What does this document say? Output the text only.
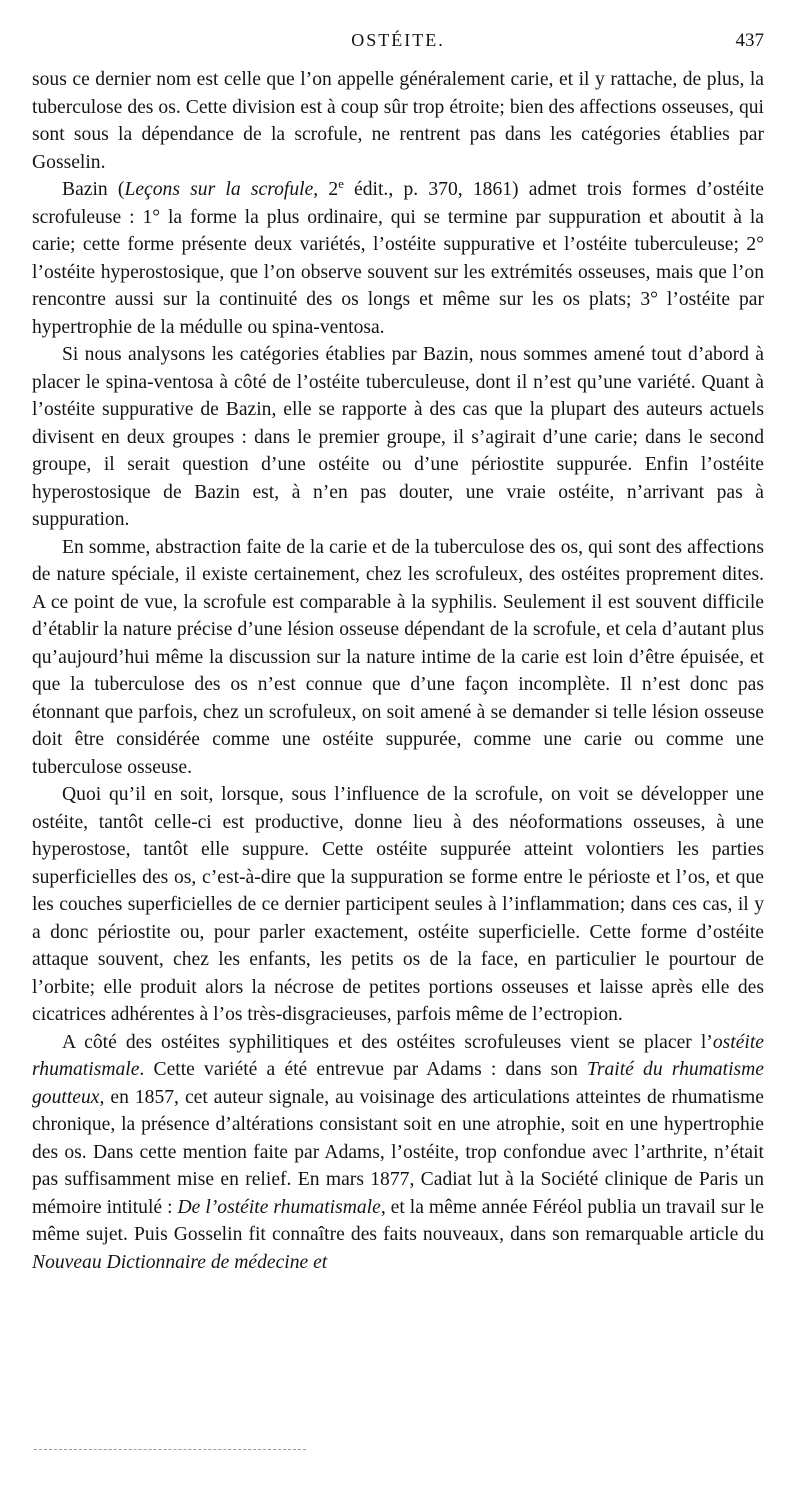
OSTÉITE.	437

sous ce dernier nom est celle que l’on appelle généralement carie, et il y rattache, de plus, la tuberculose des os. Cette division est à coup sûr trop étroite; bien des affections osseuses, qui sont sous la dépendance de la scrofule, ne rentrent pas dans les catégories établies par Gosselin.

Bazin (Leçons sur la scrofule, 2e édit., p. 370, 1861) admet trois formes d’ostéite scrofuleuse : 1° la forme la plus ordinaire, qui se termine par suppuration et aboutit à la carie; cette forme présente deux variétés, l’ostéite suppurative et l’ostéite tuberculeuse; 2° l’ostéite hyperostosique, que l’on observe souvent sur les extrémités osseuses, mais que l’on rencontre aussi sur la continuité des os longs et même sur les os plats; 3° l’ostéite par hypertrophie de la médulle ou spina-ventosa.

Si nous analysons les catégories établies par Bazin, nous sommes amené tout d’abord à placer le spina-ventosa à côté de l’ostéite tuberculeuse, dont il n’est qu’une variété. Quant à l’ostéite suppurative de Bazin, elle se rapporte à des cas que la plupart des auteurs actuels divisent en deux groupes : dans le premier groupe, il s’agirait d’une carie; dans le second groupe, il serait question d’une ostéite ou d’une périostite suppurée. Enfin l’ostéite hyperostosique de Bazin est, à n’en pas douter, une vraie ostéite, n’arrivant pas à suppuration.

En somme, abstraction faite de la carie et de la tuberculose des os, qui sont des affections de nature spéciale, il existe certainement, chez les scrofuleux, des ostéites proprement dites. A ce point de vue, la scrofule est comparable à la syphilis. Seulement il est souvent difficile d’établir la nature précise d’une lésion osseuse dépendant de la scrofule, et cela d’autant plus qu’aujourd’hui même la discussion sur la nature intime de la carie est loin d’être épuisée, et que la tuberculose des os n’est connue que d’une façon incomplète. Il n’est donc pas étonnant que parfois, chez un scrofuleux, on soit amené à se demander si telle lésion osseuse doit être considérée comme une ostéite suppurée, comme une carie ou comme une tuberculose osseuse.

Quoi qu’il en soit, lorsque, sous l’influence de la scrofule, on voit se développer une ostéite, tantôt celle-ci est productive, donne lieu à des néoformations osseuses, à une hyperostose, tantôt elle suppure. Cette ostéite suppurée atteint volontiers les parties superficielles des os, c’est-à-dire que la suppuration se forme entre le périoste et l’os, et que les couches superficielles de ce dernier participent seules à l’inflammation; dans ces cas, il y a donc périostite ou, pour parler exactement, ostéite superficielle. Cette forme d’ostéite attaque souvent, chez les enfants, les petits os de la face, en particulier le pourtour de l’orbite; elle produit alors la nécrose de petites portions osseuses et laisse après elle des cicatrices adhérentes à l’os très-disgracieuses, parfois même de l’ectropion.

A côté des ostéites syphilitiques et des ostéites scrofuleuses vient se placer l’ostéite rhumatismale. Cette variété a été entrevue par Adams : dans son Traité du rhumatisme goutteux, en 1857, cet auteur signale, au voisinage des articulations atteintes de rhumatisme chronique, la présence d’altérations consistant soit en une atrophie, soit en une hypertrophie des os. Dans cette mention faite par Adams, l’ostéite, trop confondue avec l’arthrite, n’était pas suffisamment mise en relief. En mars 1877, Cadiat lut à la Société clinique de Paris un mémoire intitulé : De l’ostéite rhumatismale, et la même année Féréol publia un travail sur le même sujet. Puis Gosselin fit connaître des faits nouveaux, dans son remarquable article du Nouveau Dictionnaire de médecine et
